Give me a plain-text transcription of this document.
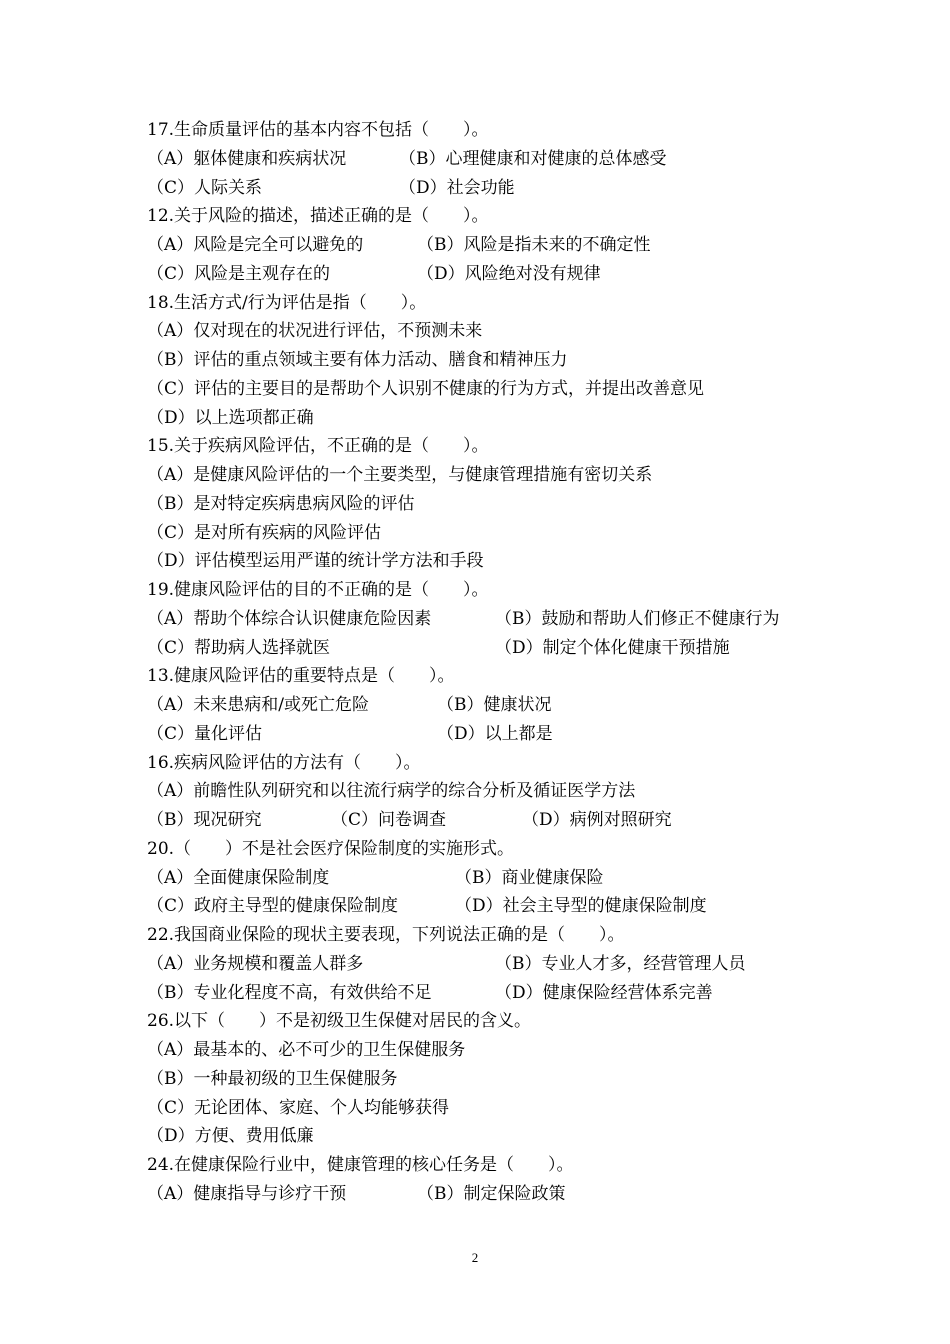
17.生命质量评估的基本内容不包括（　　）。
（A）躯体健康和疾病状况	（B）心理健康和对健康的总体感受
（C）人际关系	（D）社会功能
12.关于风险的描述，描述正确的是（　　）。
（A）风险是完全可以避免的	（B）风险是指未来的不确定性
（C）风险是主观存在的	（D）风险绝对没有规律
18.生活方式/行为评估是指（　　）。
（A）仅对现在的状况进行评估，不预测未来
（B）评估的重点领域主要有体力活动、膳食和精神压力
（C）评估的主要目的是帮助个人识别不健康的行为方式，并提出改善意见
（D）以上选项都正确
15.关于疾病风险评估，不正确的是（　　）。
（A）是健康风险评估的一个主要类型，与健康管理措施有密切关系
（B）是对特定疾病患病风险的评估
（C）是对所有疾病的风险评估
（D）评估模型运用严谨的统计学方法和手段
19.健康风险评估的目的不正确的是（　　）。
（A）帮助个体综合认识健康危险因素	（B）鼓励和帮助人们修正不健康行为
（C）帮助病人选择就医	（D）制定个体化健康干预措施
13.健康风险评估的重要特点是（　　）。
（A）未来患病和/或死亡危险	（B）健康状况
（C）量化评估	（D）以上都是
16.疾病风险评估的方法有（　　）。
（A）前瞻性队列研究和以往流行病学的综合分析及循证医学方法
（B）现况研究	（C）问卷调查	（D）病例对照研究
20.（　　）不是社会医疗保险制度的实施形式。
（A）全面健康保险制度	（B）商业健康保险
（C）政府主导型的健康保险制度	（D）社会主导型的健康保险制度
22.我国商业保险的现状主要表现，下列说法正确的是（　　）。
（A）业务规模和覆盖人群多	（B）专业人才多，经营管理人员
（B）专业化程度不高，有效供给不足	（D）健康保险经营体系完善
26.以下（　　）不是初级卫生保健对居民的含义。
（A）最基本的、必不可少的卫生保健服务
（B）一种最初级的卫生保健服务
（C）无论团体、家庭、个人均能够获得
（D）方便、费用低廉
24.在健康保险行业中，健康管理的核心任务是（　　）。
（A）健康指导与诊疗干预	（B）制定保险政策
2
